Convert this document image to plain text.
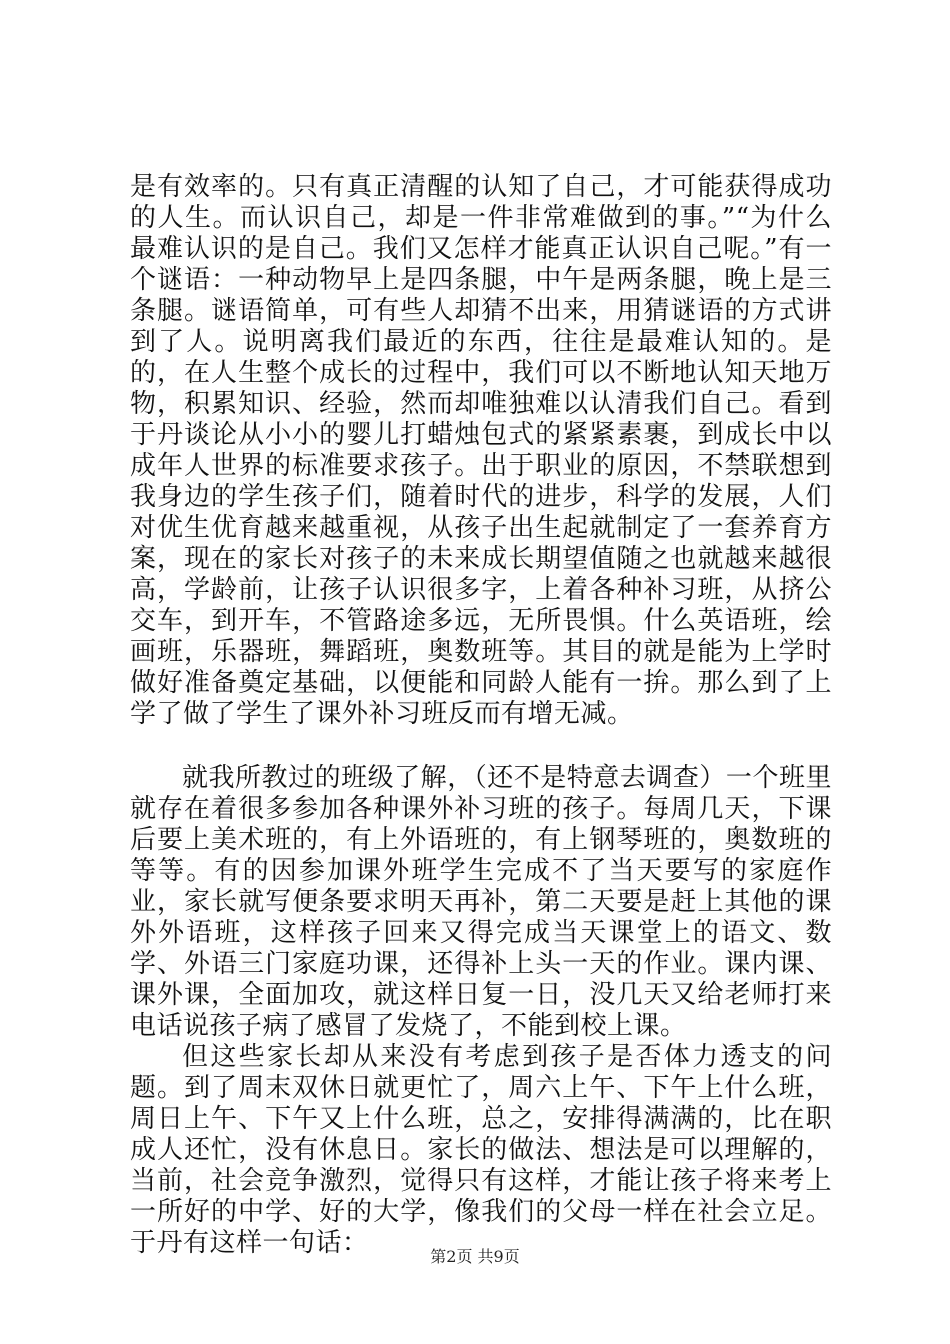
是有效率的。只有真正清醒的认知了自己，才可能获得成功的人生。而认识自己，却是一件非常难做到的事。”“为什么最难认识的是自己。我们又怎样才能真正认识自己呢。”有一个谜语：一种动物早上是四条腿，中午是两条腿，晚上是三条腿。谜语简单，可有些人却猜不出来，用猜谜语的方式讲到了人。说明离我们最近的东西，往往是最难认知的。是的，在人生整个成长的过程中，我们可以不断地认知天地万物，积累知识、经验，然而却唯独难以认清我们自己。看到于丹谈论从小小的婴儿打蜡烛包式的紧紧素裹，到成长中以成年人世界的标准要求孩子。出于职业的原因，不禁联想到我身边的学生孩子们，随着时代的进步，科学的发展，人们对优生优育越来越重视，从孩子出生起就制定了一套养育方案，现在的家长对孩子的未来成长期望值随之也就越来越很高，学龄前，让孩子认识很多字，上着各种补习班，从挤公交车，到开车，不管路途多远，无所畏惧。什么英语班，绘画班，乐器班，舞蹈班，奥数班等。其目的就是能为上学时做好准备奠定基础，以便能和同龄人能有一拚。那么到了上学了做了学生了课外补习班反而有增无减。

就我所教过的班级了解，（还不是特意去调查）一个班里就存在着很多参加各种课外补习班的孩子。每周几天，下课后要上美术班的，有上外语班的，有上钢琴班的，奥数班的等等。有的因参加课外班学生完成不了当天要写的家庭作业，家长就写便条要求明天再补，第二天要是赶上其他的课外外语班，这样孩子回来又得完成当天课堂上的语文、数学、外语三门家庭功课，还得补上头一天的作业。课内课、课外课，全面加攻，就这样日复一日，没几天又给老师打来电话说孩子病了感冒了发烧了，不能到校上课。

但这些家长却从来没有考虑到孩子是否体力透支的问题。到了周末双休日就更忙了，周六上午、下午上什么班，周日上午、下午又上什么班，总之，安排得满满的，比在职成人还忙，没有休息日。家长的做法、想法是可以理解的，当前，社会竞争激烈，觉得只有这样，才能让孩子将来考上一所好的中学、好的大学，像我们的父母一样在社会立足。于丹有这样一句话：	第2页 共9页
